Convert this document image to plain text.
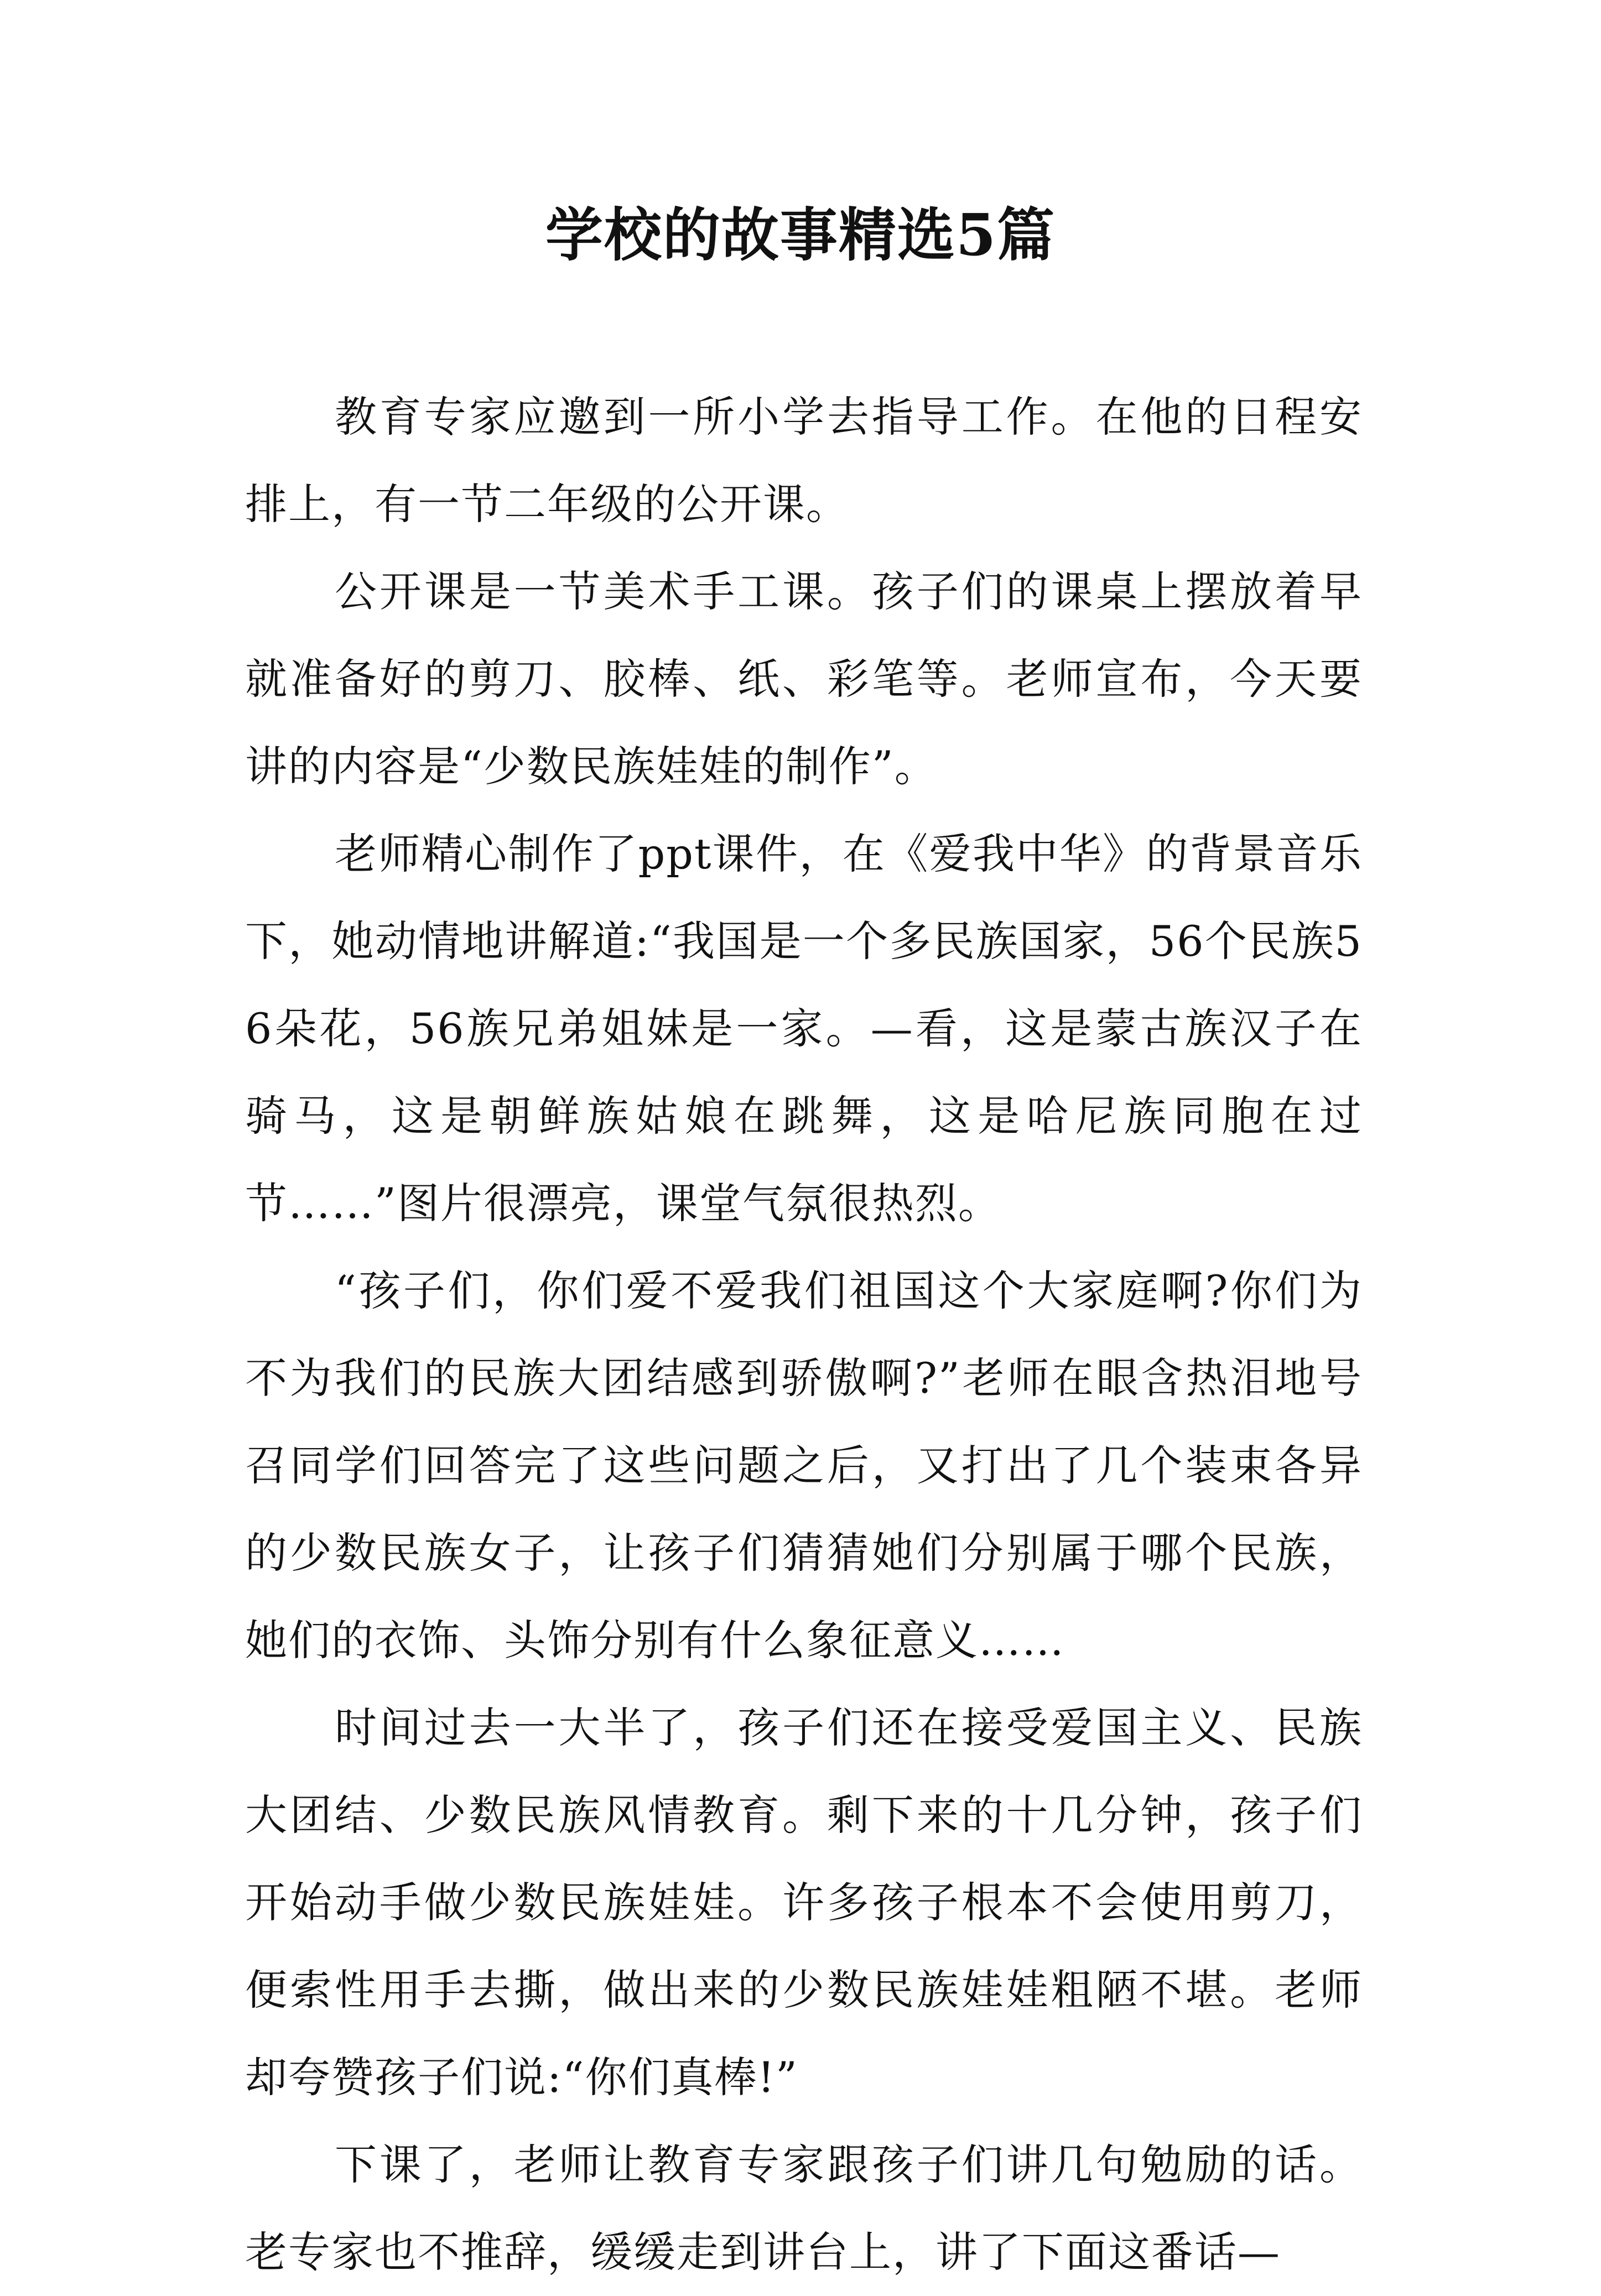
学校的故事精选5篇

教育专家应邀到一所小学去指导工作。在他的日程安排上，有一节二年级的公开课。

公开课是一节美术手工课。孩子们的课桌上摆放着早就准备好的剪刀、胶棒、纸、彩笔等。老师宣布，今天要讲的内容是“少数民族娃娃的制作”。

老师精心制作了ppt课件，在《爱我中华》的背景音乐下，她动情地讲解道:“我国是一个多民族国家，56个民族56朵花，56族兄弟姐妹是一家。—看，这是蒙古族汉子在骑马，这是朝鲜族姑娘在跳舞，这是哈尼族同胞在过节……”图片很漂亮，课堂气氛很热烈。

“孩子们，你们爱不爱我们祖国这个大家庭啊?你们为不为我们的民族大团结感到骄傲啊?”老师在眼含热泪地号召同学们回答完了这些问题之后，又打出了几个装束各异的少数民族女子，让孩子们猜猜她们分别属于哪个民族，她们的衣饰、头饰分别有什么象征意义……

时间过去一大半了，孩子们还在接受爱国主义、民族大团结、少数民族风情教育。剩下来的十几分钟，孩子们开始动手做少数民族娃娃。许多孩子根本不会使用剪刀，便索性用手去撕，做出来的少数民族娃娃粗陋不堪。老师却夸赞孩子们说:“你们真棒!”

下课了，老师让教育专家跟孩子们讲几句勉励的话。老专家也不推辞，缓缓走到讲台上，讲了下面这番话—
